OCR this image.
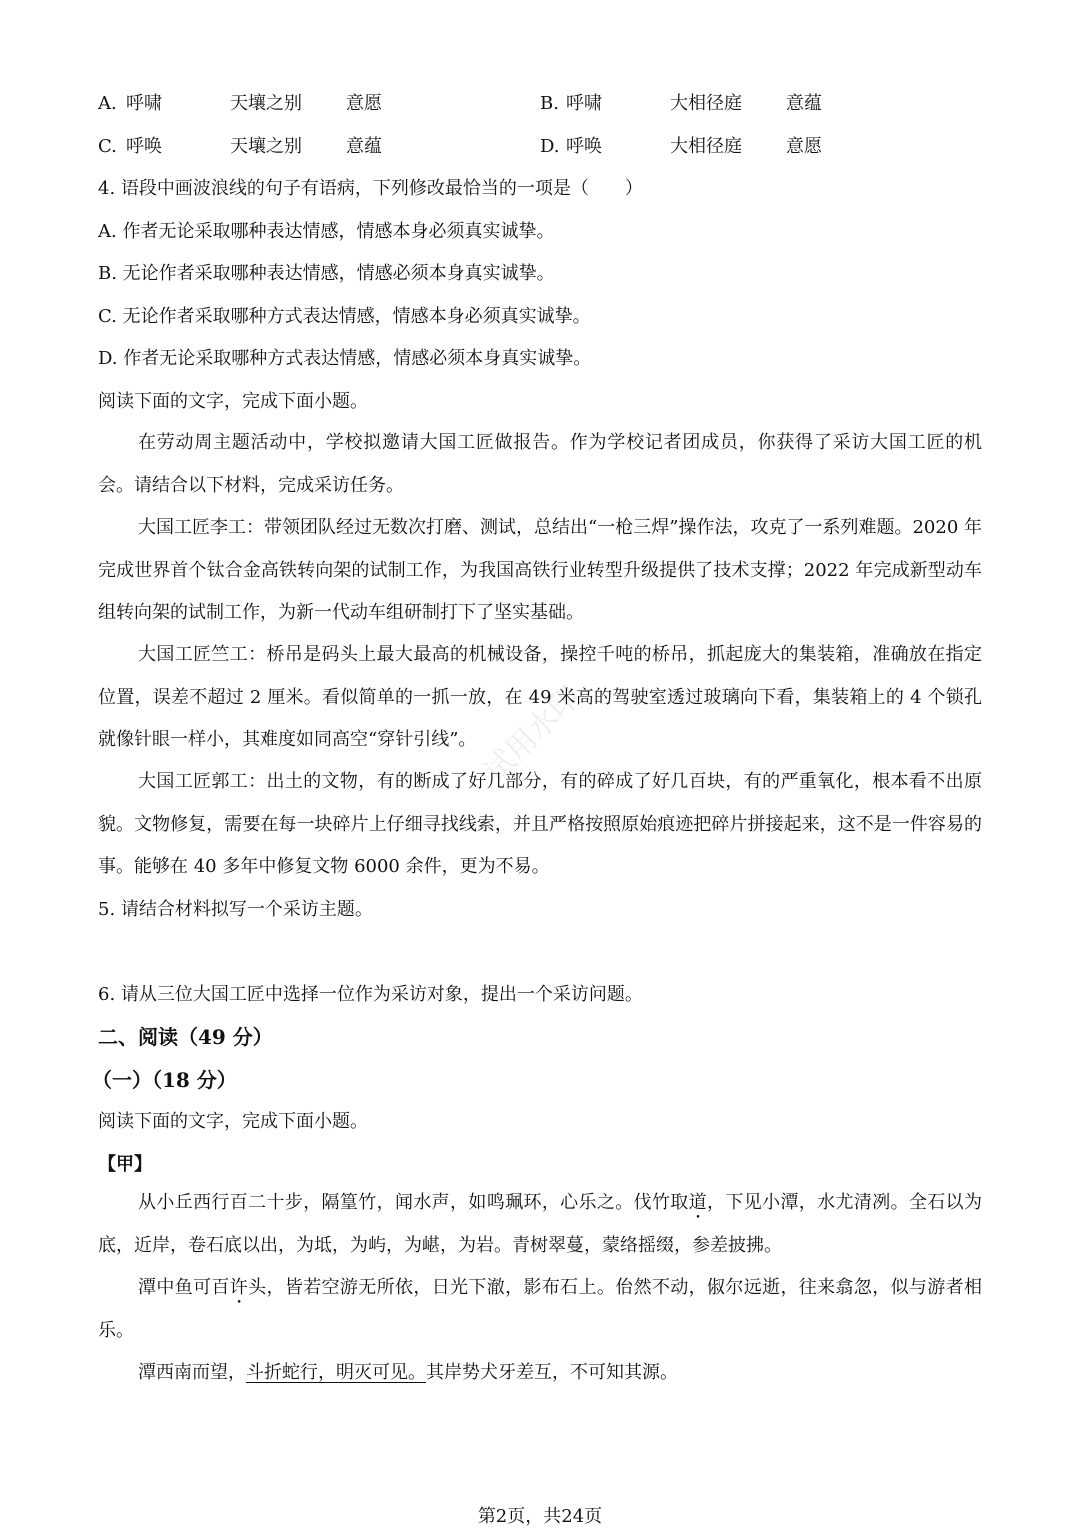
A. 呼啸	天壤之别 意愿	B. 呼啸	大相径庭 意蕴
C. 呼唤	天壤之别 意蕴	D. 呼唤	大相径庭 意愿
4. 语段中画波浪线的句子有语病，下列修改最恰当的一项是（　　）
A. 作者无论采取哪种表达情感，情感本身必须真实诚挚。
B. 无论作者采取哪种表达情感，情感必须本身真实诚挚。
C. 无论作者采取哪种方式表达情感，情感本身必须真实诚挚。
D. 作者无论采取哪种方式表达情感，情感必须本身真实诚挚。
阅读下面的文字，完成下面小题。
在劳动周主题活动中，学校拟邀请大国工匠做报告。作为学校记者团成员，你获得了采访大国工匠的机会。请结合以下材料，完成采访任务。
大国工匠李工：带领团队经过无数次打磨、测试，总结出“一枪三焊”操作法，攻克了一系列难题。2020 年完成世界首个钛合金高铁转向架的试制工作，为我国高铁行业转型升级提供了技术支撑；2022 年完成新型动车组转向架的试制工作，为新一代动车组研制打下了坚实基础。
大国工匠竺工：桥吊是码头上最大最高的机械设备，操控千吨的桥吊，抓起庞大的集装箱，准确放在指定位置，误差不超过 2 厘米。看似简单的一抓一放，在 49 米高的驾驶室透过玻璃向下看，集装箱上的 4 个锁孔就像针眼一样小，其难度如同高空“穿针引线”。
大国工匠郭工：出土的文物，有的断成了好几部分，有的碎成了好几百块，有的严重氧化，根本看不出原貌。文物修复，需要在每一块碎片上仔细寻找线索，并且严格按照原始痕迹把碎片拼接起来，这不是一件容易的事。能够在 40 多年中修复文物 6000 余件，更为不易。
试用水印
5. 请结合材料拟写一个采访主题。
6. 请从三位大国工匠中选择一位作为采访对象，提出一个采访问题。
二、阅读（49 分）
（一）（18 分）
阅读下面的文字，完成下面小题。
【甲】
从小丘西行百二十步，隔篁竹，闻水声，如鸣珮环，心乐之。伐竹取道，下见小潭，水尤清冽。全石以为底，近岸，卷石底以出，为坻，为屿，为嵁，为岩。青树翠蔓，蒙络摇缀，参差披拂。
潭中鱼可百许头，皆若空游无所依，日光下澈，影布石上。佁然不动，俶尔远逝，往来翕忽，似与游者相乐。
潭西南而望，斗折蛇行，明灭可见。其岸势犬牙差互，不可知其源。
第2页，共24页
